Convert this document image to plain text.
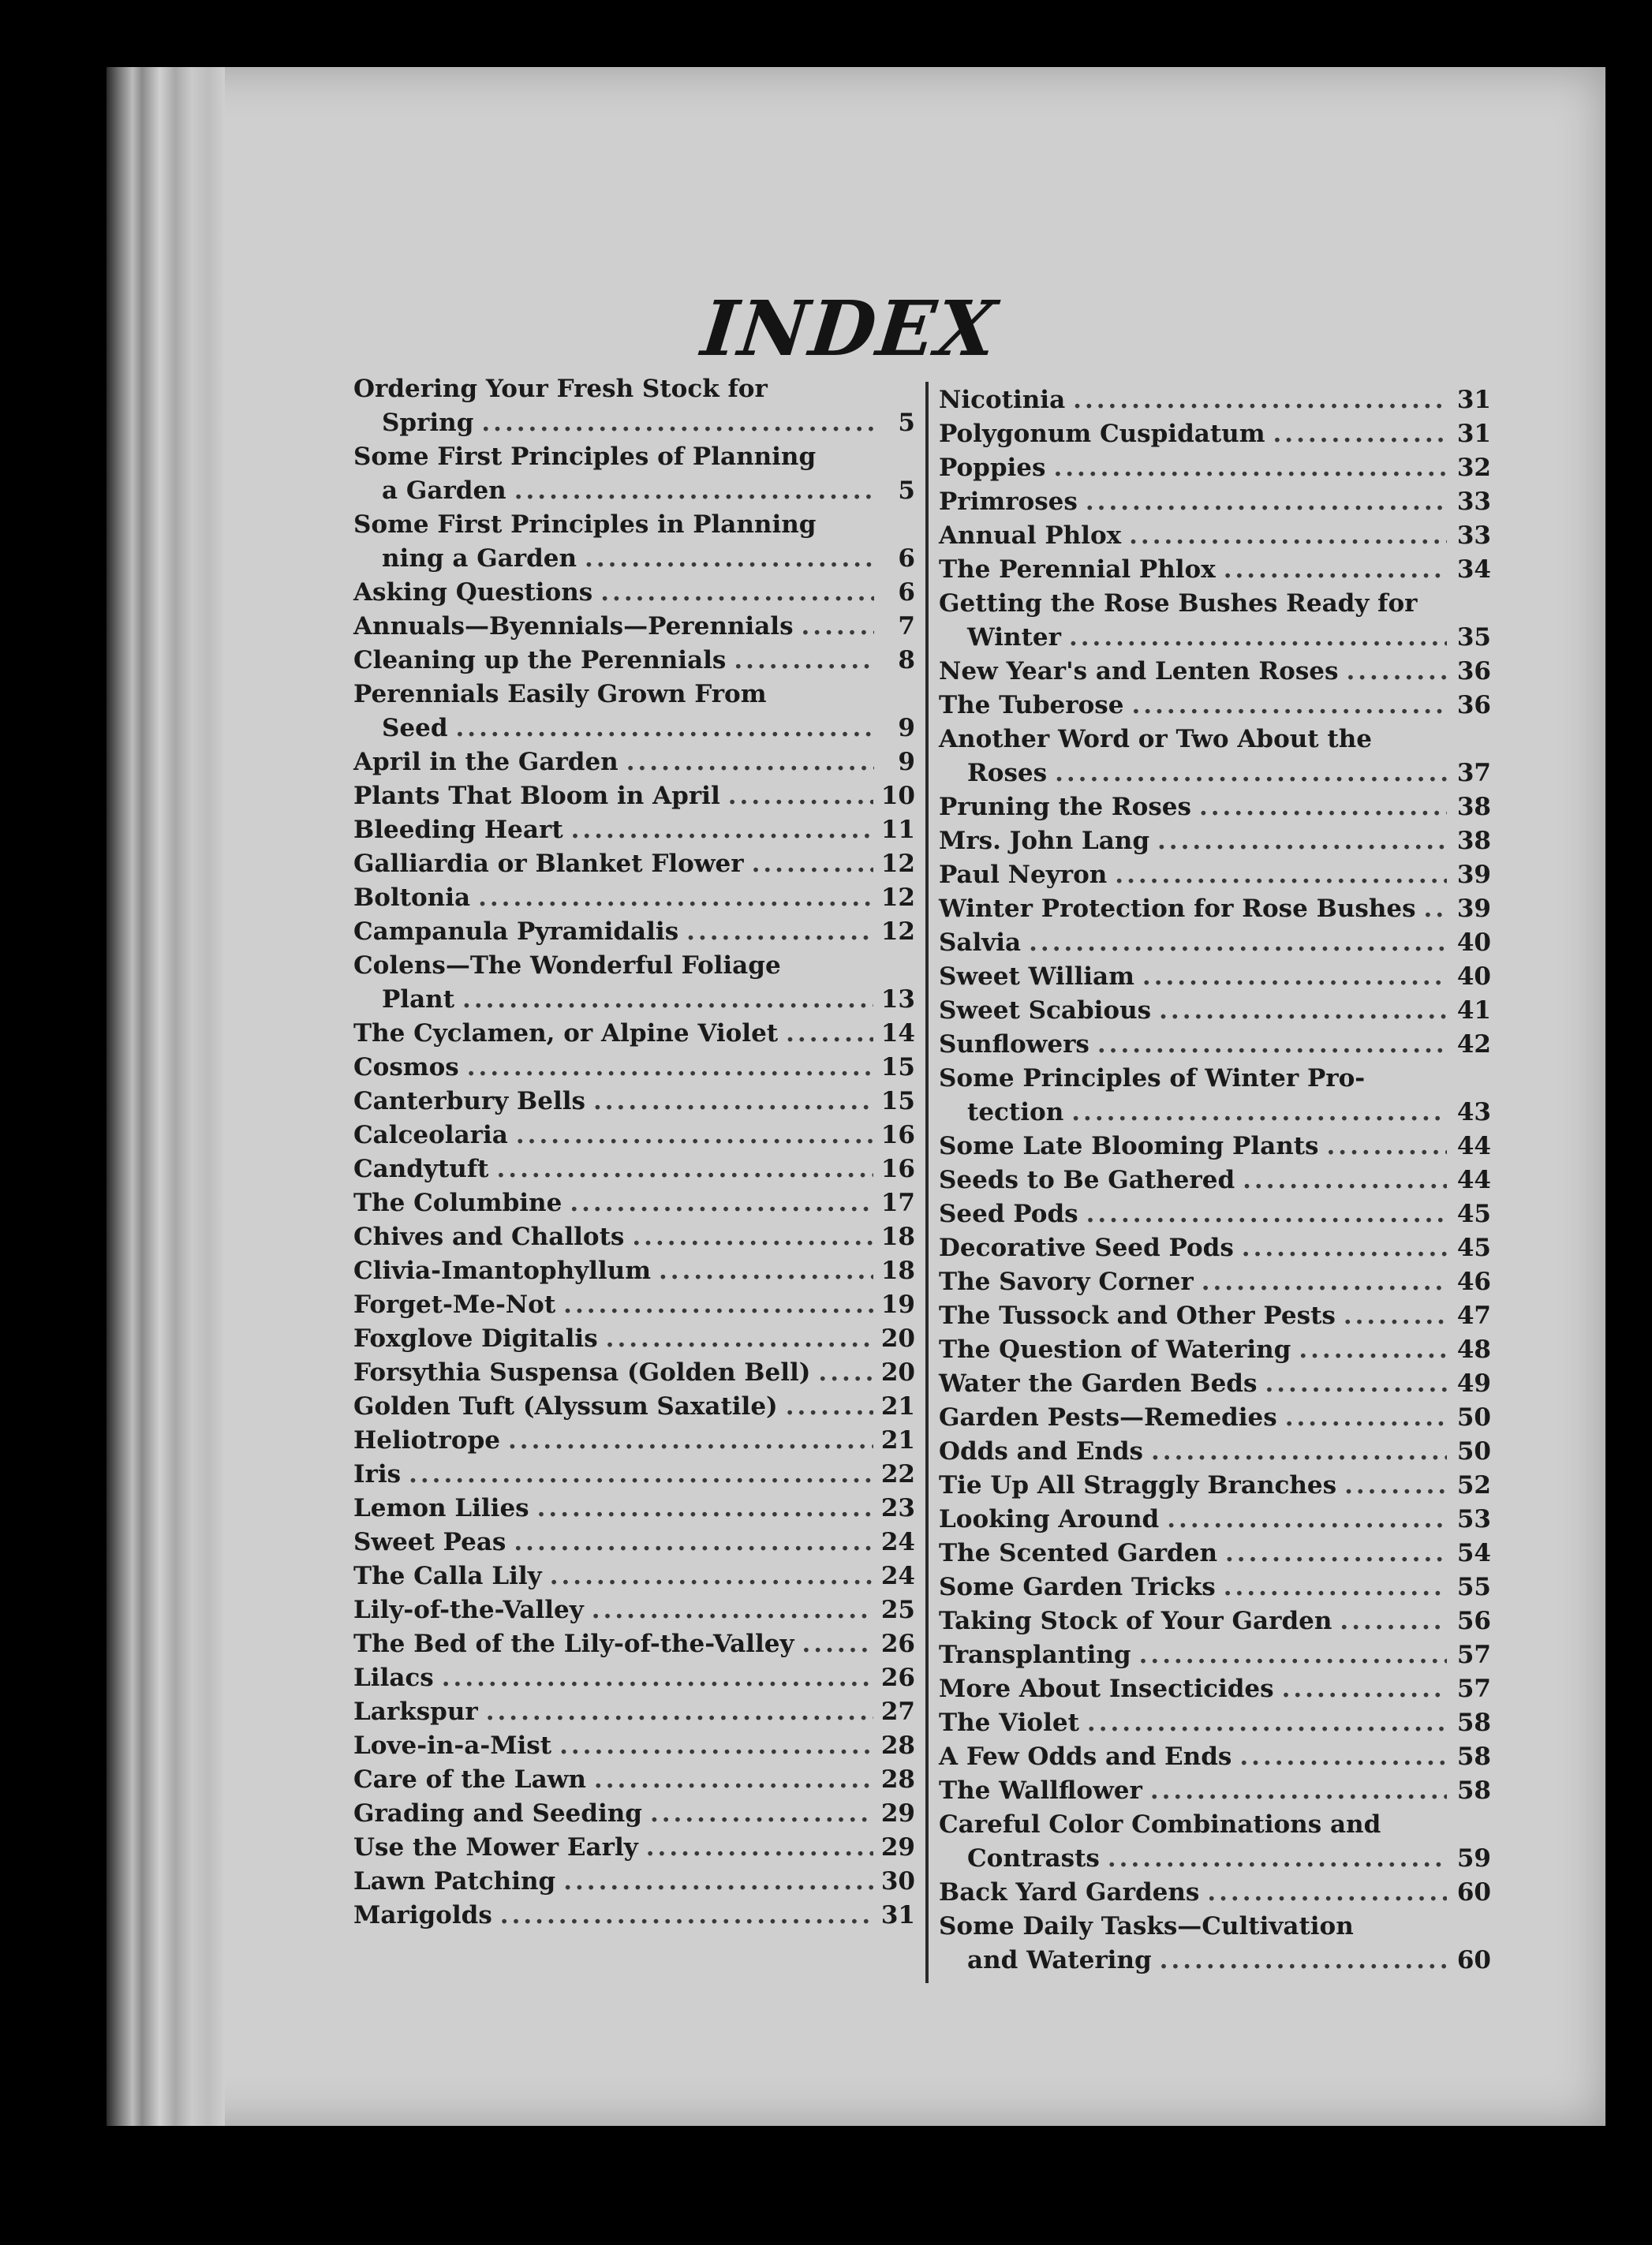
INDEX
Ordering Your Fresh Stock for
Spring .....	5
Some First Principles of Planning
a Garden .....	5
Some First Principles in Planning
ning a Garden .....	6
Asking Questions .....	6
Annuals—Byennials—Perennials .....	7
Cleaning up the Perennials .....	8
Perennials Easily Grown From
Seed .....	9
April in the Garden .....	9
Plants That Bloom in April .....	10
Bleeding Heart .....	11
Galliardia or Blanket Flower .....	12
Boltonia .....	12
Campanula Pyramidalis .....	12
Colens—The Wonderful Foliage
Plant .....	13
The Cyclamen, or Alpine Violet .....	14
Cosmos .....	15
Canterbury Bells .....	15
Calceolaria .....	16
Candytuft .....	16
The Columbine .....	17
Chives and Challots .....	18
Clivia-Imantophyllum .....	18
Forget-Me-Not .....	19
Foxglove Digitalis .....	20
Forsythia Suspensa (Golden Bell) .....	20
Golden Tuft (Alyssum Saxatile) .....	21
Heliotrope .....	21
Iris .....	22
Lemon Lilies .....	23
Sweet Peas .....	24
The Calla Lily .....	24
Lily-of-the-Valley .....	25
The Bed of the Lily-of-the-Valley .....	26
Lilacs .....	26
Larkspur .....	27
Love-in-a-Mist .....	28
Care of the Lawn .....	28
Grading and Seeding .....	29
Use the Mower Early .....	29
Lawn Patching .....	30
Marigolds .....	31
Nicotinia .....	31
Polygonum Cuspidatum .....	31
Poppies .....	32
Primroses .....	33
Annual Phlox .....	33
The Perennial Phlox .....	34
Getting the Rose Bushes Ready for
Winter .....	35
New Year's and Lenten Roses .....	36
The Tuberose .....	36
Another Word or Two About the
Roses .....	37
Pruning the Roses .....	38
Mrs. John Lang .....	38
Paul Neyron .....	39
Winter Protection for Rose Bushes ..... 39
Salvia .....	40
Sweet William .....	40
Sweet Scabious .....	41
Sunflowers .....	42
Some Principles of Winter Pro-
tection .....	43
Some Late Blooming Plants .....	44
Seeds to Be Gathered .....	44
Seed Pods .....	45
Decorative Seed Pods .....	45
The Savory Corner .....	46
The Tussock and Other Pests .....	47
The Question of Watering .....	48
Water the Garden Beds .....	49
Garden Pests—Remedies .....	50
Odds and Ends .....	50
Tie Up All Straggly Branches .....	52
Looking Around .....	53
The Scented Garden .....	54
Some Garden Tricks .....	55
Taking Stock of Your Garden .....	56
Transplanting .....	57
More About Insecticides .....	57
The Violet .....	58
A Few Odds and Ends .....	58
The Wallflower .....	58
Careful Color Combinations and
Contrasts .....	59
Back Yard Gardens .....	60
Some Daily Tasks—Cultivation
and Watering .....	60
